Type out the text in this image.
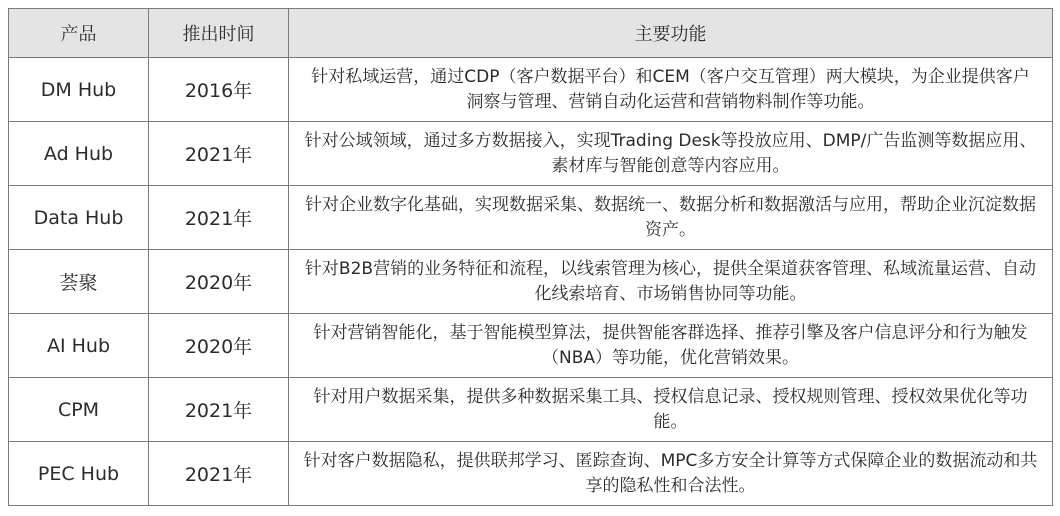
产品	推出时间	主要功能
DM Hub	2016年	针对私域运营，通过CDP（客户数据平台）和CEM（客户交互管理）两大模块，为企业提供客户洞察与管理、营销自动化运营和营销物料制作等功能。
Ad Hub	2021年	针对公域领域，通过多方数据接入，实现Trading Desk等投放应用、DMP/广告监测等数据应用、素材库与智能创意等内容应用。
Data Hub	2021年	针对企业数字化基础，实现数据采集、数据统一、数据分析和数据激活与应用，帮助企业沉淀数据资产。
荟聚	2020年	针对B2B营销的业务特征和流程，以线索管理为核心，提供全渠道获客管理、私域流量运营、自动化线索培育、市场销售协同等功能。
AI Hub	2020年	针对营销智能化，基于智能模型算法，提供智能客群选择、推荐引擎及客户信息评分和行为触发（NBA）等功能，优化营销效果。
CPM	2021年	针对用户数据采集，提供多种数据采集工具、授权信息记录、授权规则管理、授权效果优化等功能。
PEC Hub	2021年	针对客户数据隐私，提供联邦学习、匿踪查询、MPC多方安全计算等方式保障企业的数据流动和共享的隐私性和合法性。
